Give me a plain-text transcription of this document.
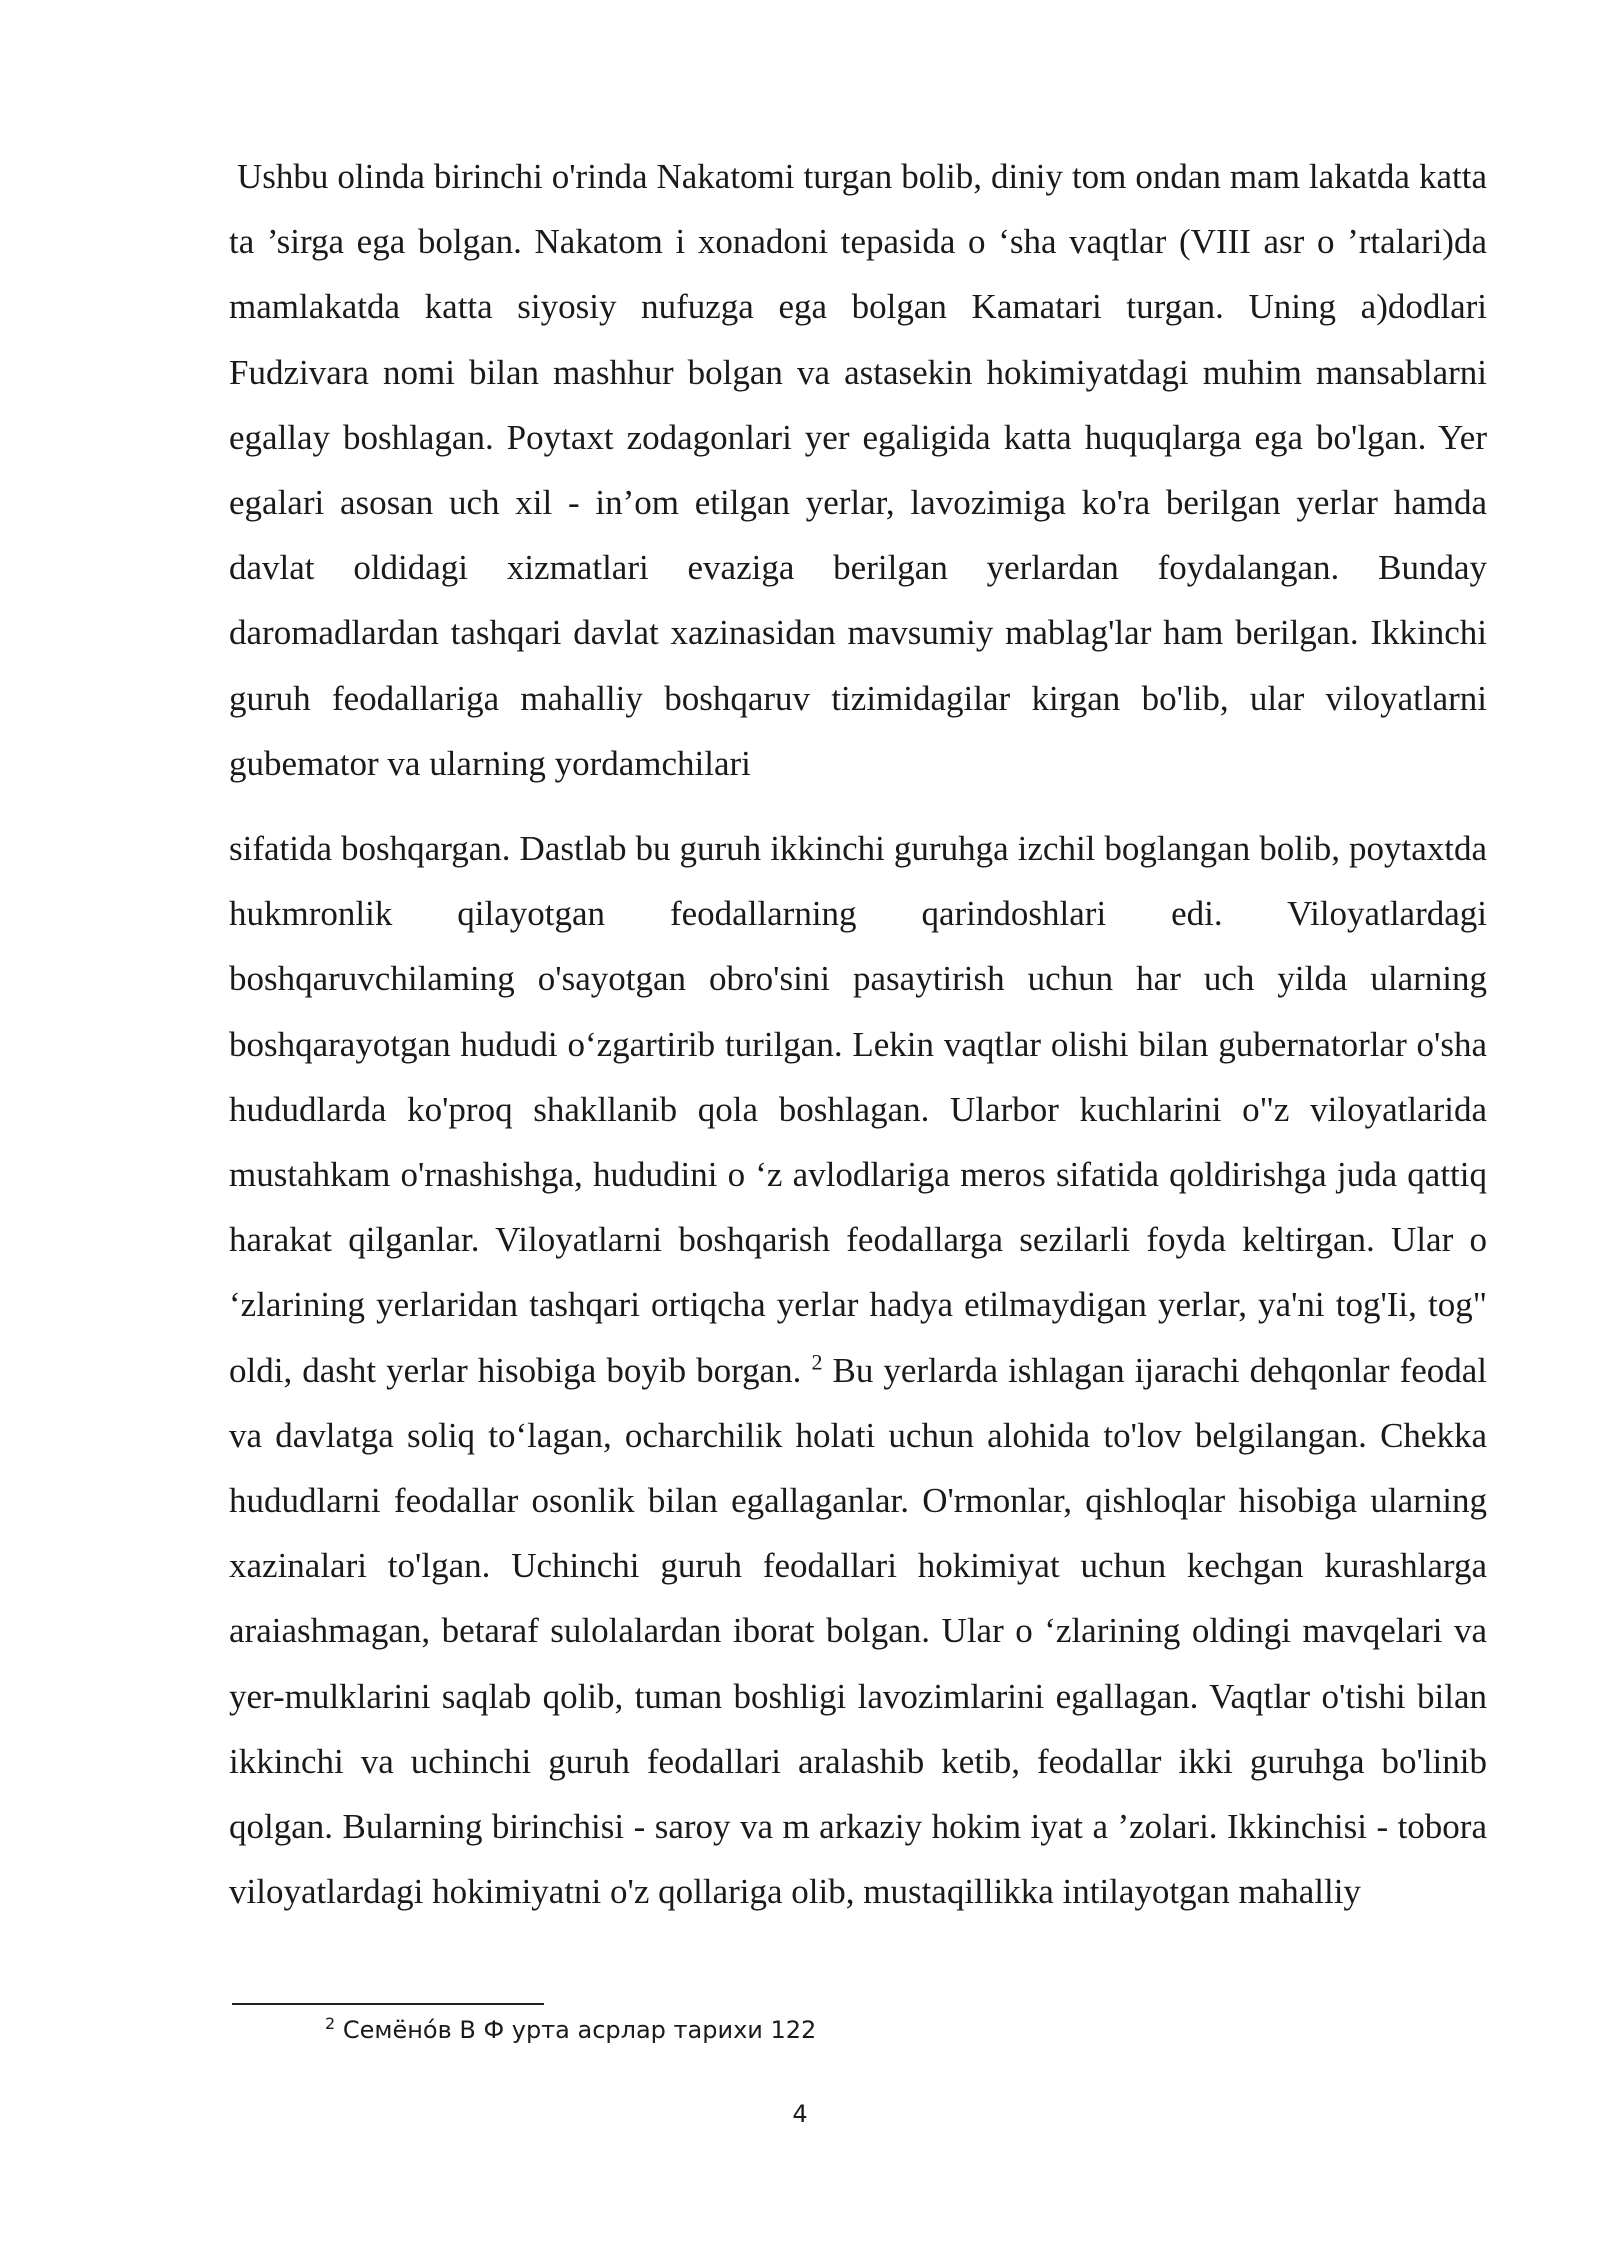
Ushbu olinda birinchi o'rinda Nakatomi turgan bolib, diniy tom ondan mam lakatda katta ta ’sirga ega bolgan. Nakatom i xonadoni tepasida o ‘sha vaqtlar (VIII asr o ’rtalari)da mamlakatda katta siyosiy nufuzga ega bolgan Kamatari turgan. Uning a)dodlari Fudzivara nomi bilan mashhur bolgan va astasekin hokimiyatdagi muhim mansablarni egallay boshlagan. Poytaxt zodagonlari yer egaligida katta huquqlarga ega bo'lgan. Yer egalari asosan uch xil - in’om etilgan yerlar, lavozimiga ko'ra berilgan yerlar hamda davlat oldidagi xizmatlari evaziga berilgan yerlardan foydalangan. Bunday daromadlardan tashqari davlat xazinasidan mavsumiy mablag'lar ham berilgan. Ikkinchi guruh feodallariga mahalliy boshqaruv tizimidagilar kirgan bo'lib, ular viloyatlarni gubemator va ularning yordamchilari

sifatida boshqargan. Dastlab bu guruh ikkinchi guruhga izchil boglangan bolib, poytaxtda hukmronlik qilayotgan feodallarning qarindoshlari edi. Viloyatlardagi boshqaruvchilaming o'sayotgan obro'sini pasaytirish uchun har uch yilda ularning boshqarayotgan hududi o‘zgartirib turilgan. Lekin vaqtlar olishi bilan gubernatorlar o'sha hududlarda ko'proq shakllanib qola boshlagan. Ularbor kuchlarini o"z viloyatlarida mustahkam o'rnashishga, hududini o ‘z avlodlariga meros sifatida qoldirishga juda qattiq harakat qilganlar. Viloyatlarni boshqarish feodallarga sezilarli foyda keltirgan. Ular o ‘zlarining yerlaridan tashqari ortiqcha yerlar hadya etilmaydigan yerlar, ya'ni tog'Ii, tog" oldi, dasht yerlar hisobiga boyib borgan. $^2$ Bu yerlarda ishlagan ijarachi dehqonlar feodal va davlatga soliq to‘lagan, ocharchilik holati uchun alohida to'lov belgilangan. Chekka hududlarni feodallar osonlik bilan egallaganlar. O'rmonlar, qishloqlar hisobiga ularning xazinalari to'lgan. Uchinchi guruh feodallari hokimiyat uchun kechgan kurashlarga araiashmagan, betaraf sulolalardan iborat bolgan. Ular o ‘zlarining oldingi mavqelari va yer-mulklarini saqlab qolib, tuman boshligi lavozimlarini egallagan. Vaqtlar o'tishi bilan ikkinchi va uchinchi guruh feodallari aralashib ketib, feodallar ikki guruhga bo'linib qolgan. Bularning birinchisi - saroy va m arkaziy hokim iyat a ’zolari. Ikkinchisi - tobora viloyatlardagi hokimiyatni o'z qollariga olib, mustaqillikka intilayotgan mahalliy

$^2$ Семёно́в В Ф урта асрлар тарихи 122
4
